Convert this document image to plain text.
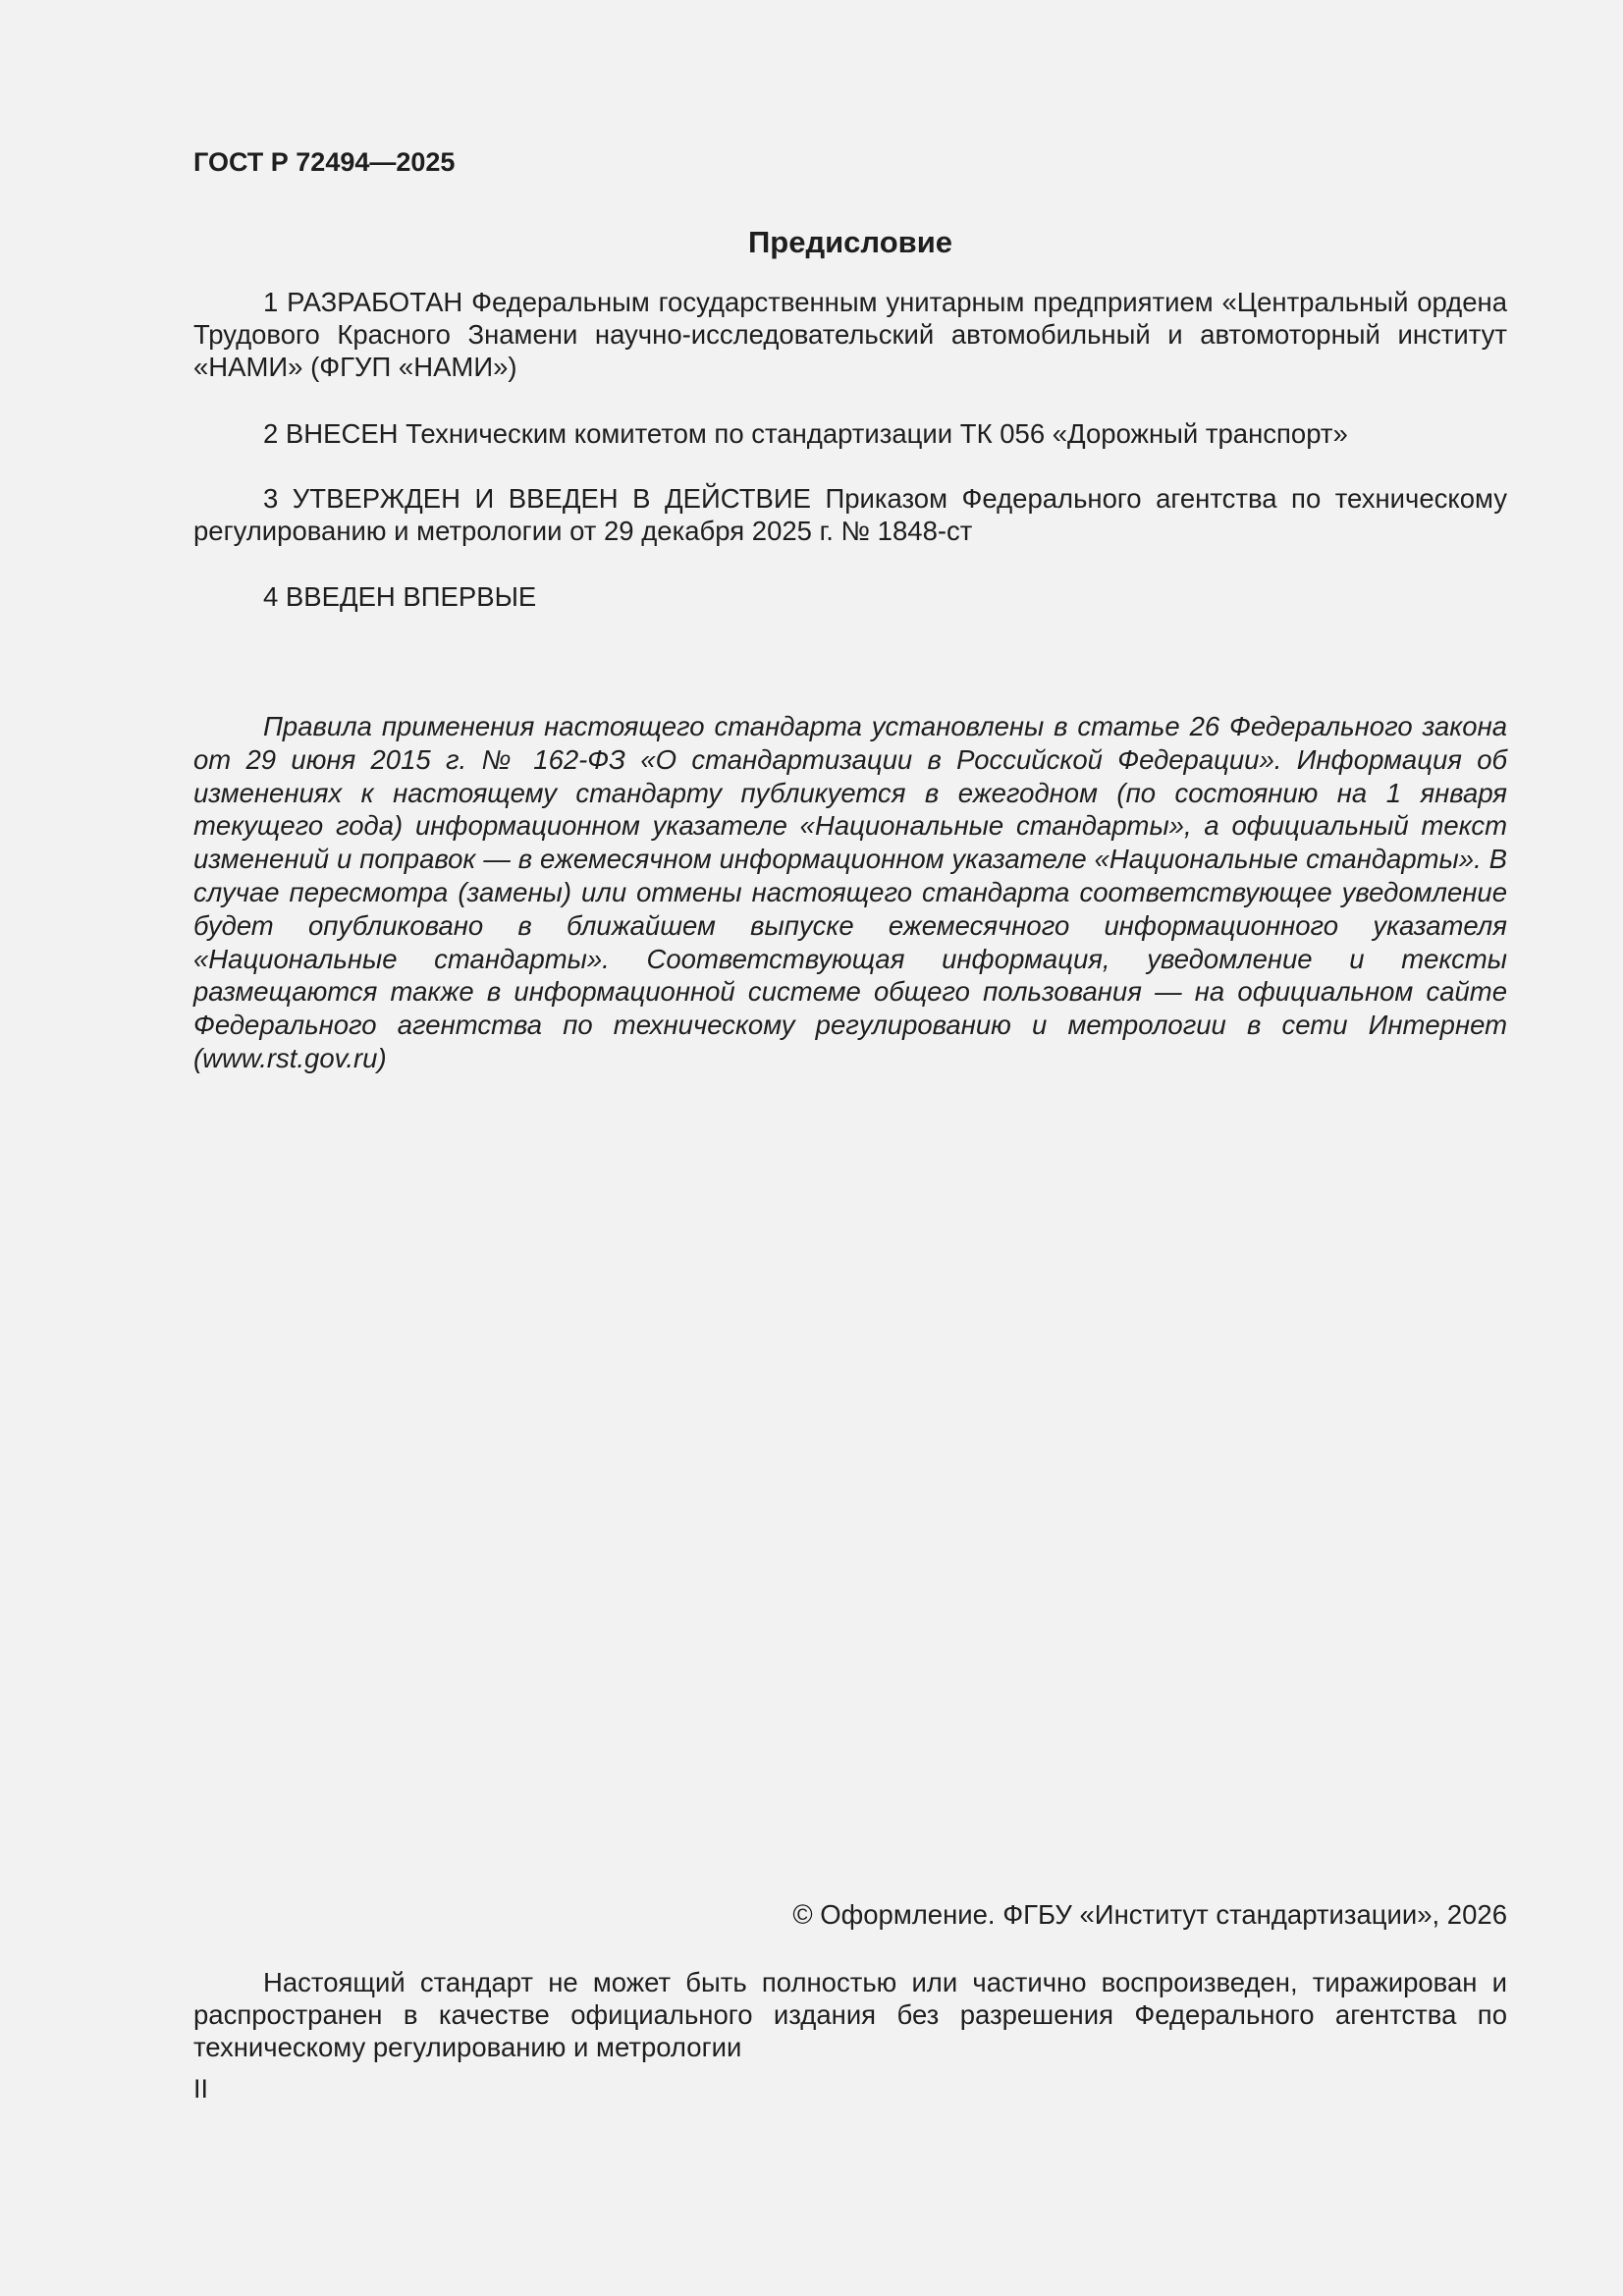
ГОСТ Р 72494—2025
Предисловие
1 РАЗРАБОТАН Федеральным государственным унитарным предприятием «Центральный ордена Трудового Красного Знамени научно-исследовательский автомобильный и автомоторный институт «НАМИ» (ФГУП «НАМИ»)
2 ВНЕСЕН Техническим комитетом по стандартизации ТК 056 «Дорожный транспорт»
3 УТВЕРЖДЕН И ВВЕДЕН В ДЕЙСТВИЕ Приказом Федерального агентства по техническому регулированию и метрологии от 29 декабря 2025 г. № 1848-ст
4 ВВЕДЕН ВПЕРВЫЕ
Правила применения настоящего стандарта установлены в статье 26 Федерального закона от 29 июня 2015 г. № 162-ФЗ «О стандартизации в Российской Федерации». Информация об изменениях к настоящему стандарту публикуется в ежегодном (по состоянию на 1 января текущего года) информационном указателе «Национальные стандарты», а официальный текст изменений и поправок — в ежемесячном информационном указателе «Национальные стандарты». В случае пересмотра (замены) или отмены настоящего стандарта соответствующее уведомление будет опубликовано в ближайшем выпуске ежемесячного информационного указателя «Национальные стандарты». Соответствующая информация, уведомление и тексты размещаются также в информационной системе общего пользования — на официальном сайте Федерального агентства по техническому регулированию и метрологии в сети Интернет (www.rst.gov.ru)
© Оформление. ФГБУ «Институт стандартизации», 2026
Настоящий стандарт не может быть полностью или частично воспроизведен, тиражирован и распространен в качестве официального издания без разрешения Федерального агентства по техническому регулированию и метрологии
II
